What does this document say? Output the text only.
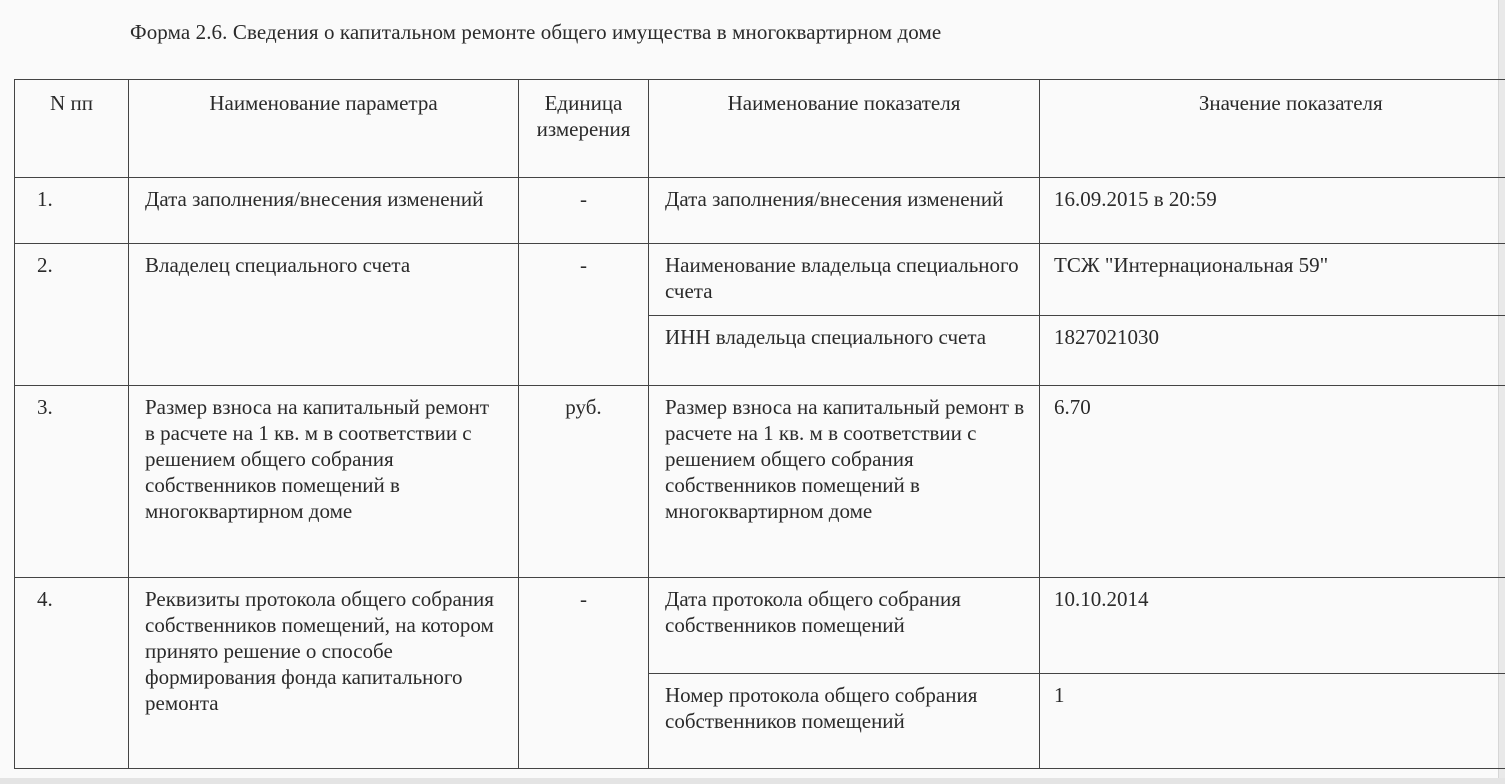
Форма 2.6. Сведения о капитальном ремонте общего имущества в многоквартирном доме
N пп	Наименование параметра	Единица измерения	Наименование показателя	Значение показателя
1.	Дата заполнения/внесения изменений	-	Дата заполнения/внесения изменений	16.09.2015 в 20:59
2.	Владелец специального счета	-	Наименование владельца специального счета	ТСЖ "Интернациональная 59"
			ИНН владельца специального счета	1827021030
3.	Размер взноса на капитальный ремонт в расчете на 1 кв. м в соответствии с решением общего собрания собственников помещений в многоквартирном доме	руб.	Размер взноса на капитальный ремонт в расчете на 1 кв. м в соответствии с решением общего собрания собственников помещений в многоквартирном доме	6.70
4.	Реквизиты протокола общего собрания собственников помещений, на котором принято решение о способе формирования фонда капитального ремонта	-	Дата протокола общего собрания собственников помещений	10.10.2014
			Номер протокола общего собрания собственников помещений	1
